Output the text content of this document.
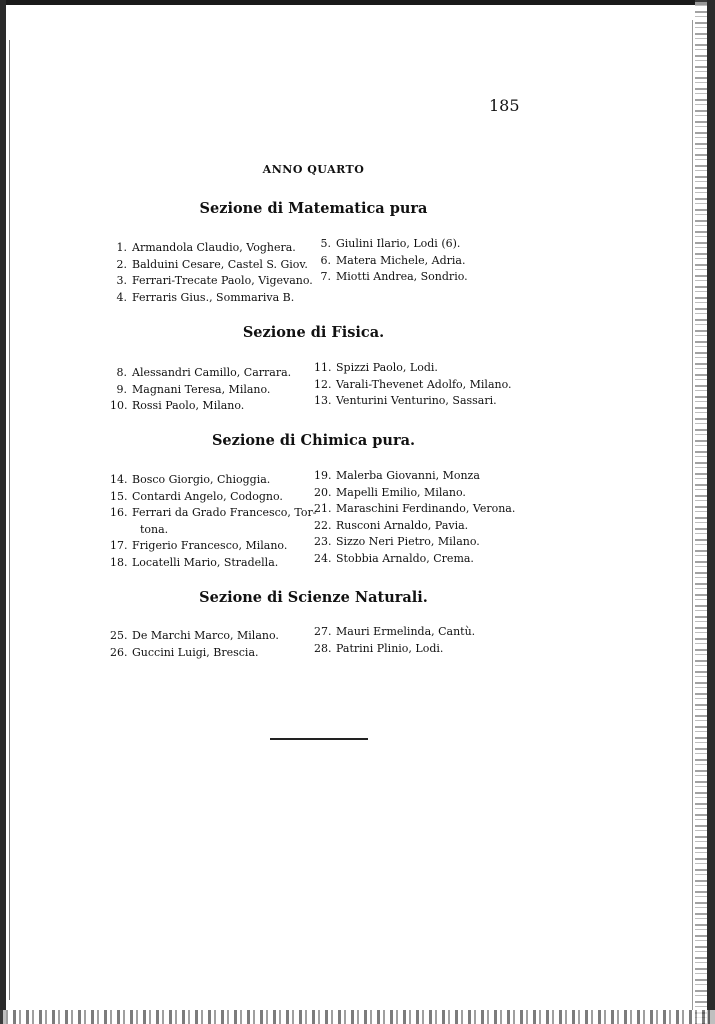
185
ANNO QUARTO
Sezione di Matematica pura
1. Armandola Claudio, Voghera.
2. Balduini Cesare, Castel S. Giov.
3. Ferrari-Trecate Paolo, Vigevano.
4. Ferraris Gius., Sommariva B.
5. Giulini Ilario, Lodi (6).
6. Matera Michele, Adria.
7. Miotti Andrea, Sondrio.
Sezione di Fisica.
8. Alessandri Camillo, Carrara.
9. Magnani Teresa, Milano.
10. Rossi Paolo, Milano.
11. Spizzi Paolo, Lodi.
12. Varali-Thevenet Adolfo, Milano.
13. Venturini Venturino, Sassari.
Sezione di Chimica pura.
14. Bosco Giorgio, Chioggia.
15. Contardi Angelo, Codogno.
16. Ferrari da Grado Francesco, Tor-
tona.
17. Frigerio Francesco, Milano.
18. Locatelli Mario, Stradella.
19. Malerba Giovanni, Monza
20. Mapelli Emilio, Milano.
21. Maraschini Ferdinando, Verona.
22. Rusconi Arnaldo, Pavia.
23. Sizzo Neri Pietro, Milano.
24. Stobbia Arnaldo, Crema.
Sezione di Scienze Naturali.
25. De Marchi Marco, Milano.
26. Guccini Luigi, Brescia.
27. Mauri Ermelinda, Cantù.
28. Patrini Plinio, Lodi.
